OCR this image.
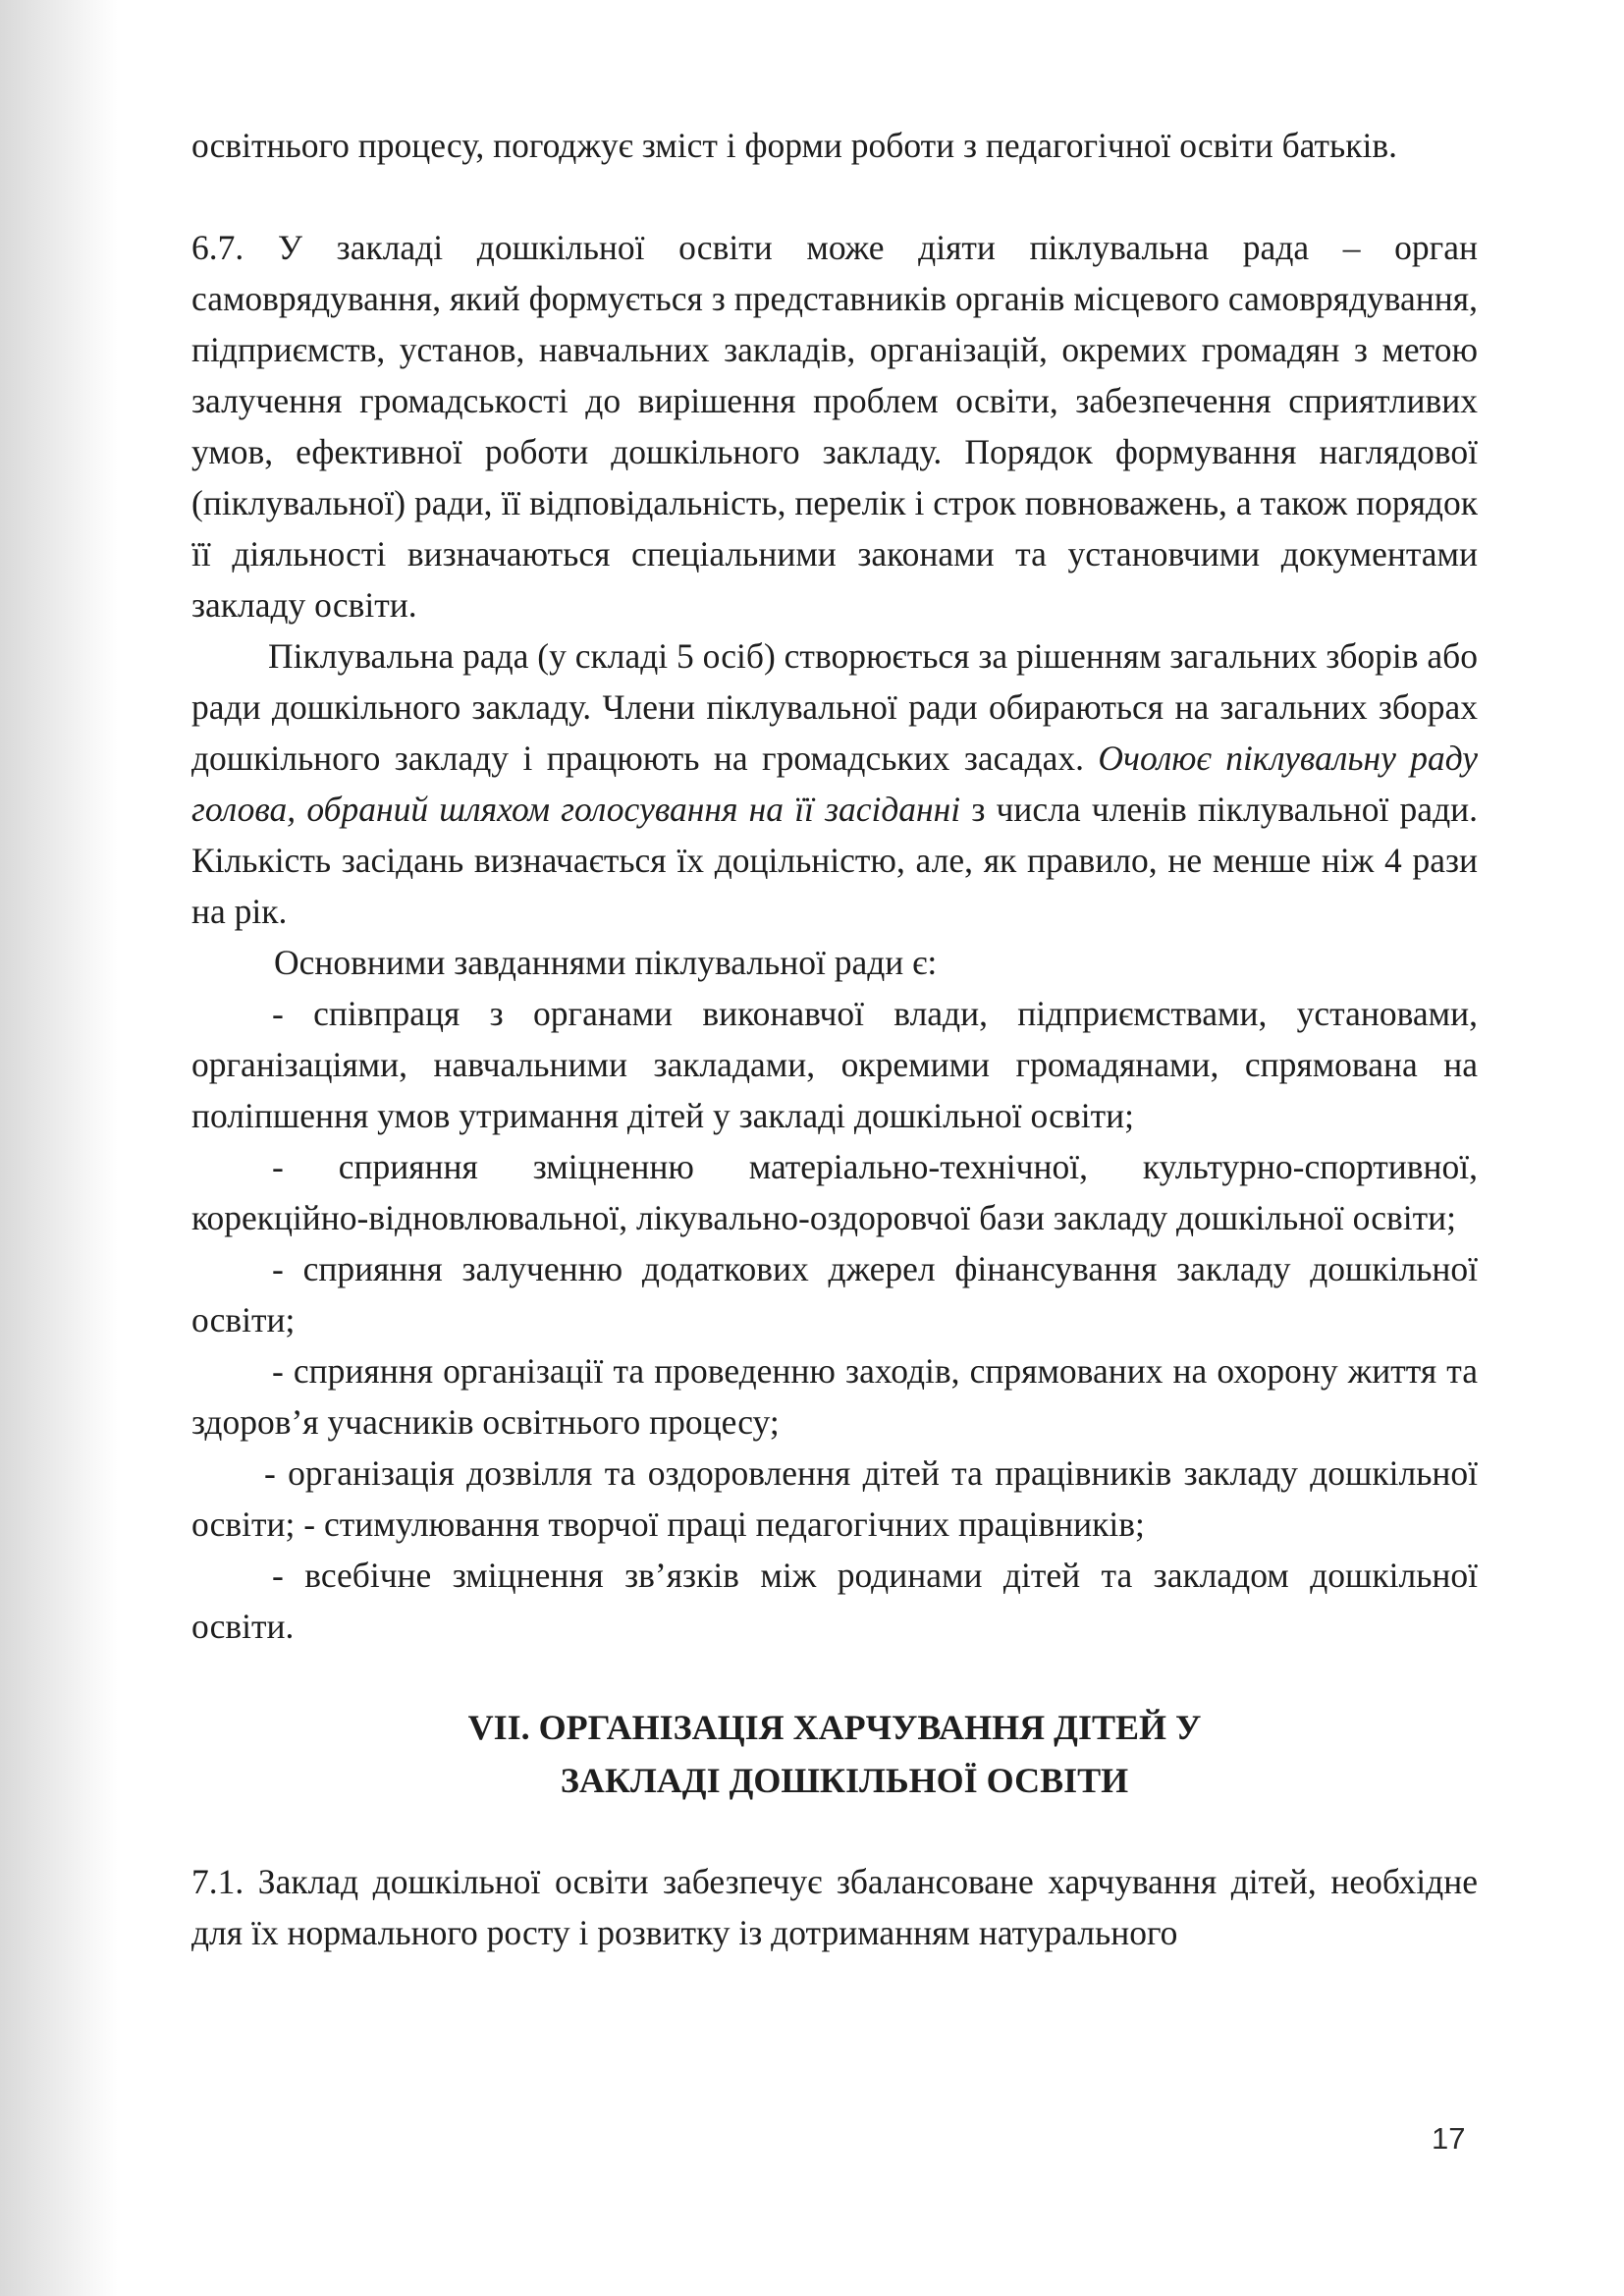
освітнього процесу, погоджує зміст і форми роботи з педагогічної освіти батьків.

6.7. У закладі дошкільної освіти може діяти піклувальна рада – орган самоврядування, який формується з представників органів місцевого самоврядування, підприємств, установ, навчальних закладів, організацій, окремих громадян з метою залучення громадськості до вирішення проблем освіти, забезпечення сприятливих умов, ефективної роботи дошкільного закладу. Порядок формування наглядової (піклувальної) ради, її відповідальність, перелік і строк повноважень, а також порядок її діяльності визначаються спеціальними законами та установчими документами закладу освіти.

Піклувальна рада (у складі 5 осіб) створюється за рішенням загальних зборів або ради дошкільного закладу. Члени піклувальної ради обираються на загальних зборах дошкільного закладу і працюють на громадських засадах. Очолює піклувальну раду голова, обраний шляхом голосування на її засіданні з числа членів піклувальної ради. Кількість засідань визначається їх доцільністю, але, як правило, не менше ніж 4 рази на рік.

Основними завданнями піклувальної ради є:

- співпраця з органами виконавчої влади, підприємствами, установами, організаціями, навчальними закладами, окремими громадянами, спрямована на поліпшення умов утримання дітей у закладі дошкільної освіти;

- сприяння зміцненню матеріально-технічної, культурно-спортивної, корекційно-відновлювальної, лікувально-оздоровчої бази закладу дошкільної освіти;

- сприяння залученню додаткових джерел фінансування закладу дошкільної освіти;

- сприяння організації та проведенню заходів, спрямованих на охорону життя та здоров’я учасників освітнього процесу;

- організація дозвілля та оздоровлення дітей та працівників закладу дошкільної освіти; - стимулювання творчої праці педагогічних працівників;

- всебічне зміцнення зв’язків між родинами дітей та закладом дошкільної освіти.

VII. ОРГАНІЗАЦІЯ ХАРЧУВАННЯ ДІТЕЙ У
ЗАКЛАДІ ДОШКІЛЬНОЇ ОСВІТИ

7.1. Заклад дошкільної освіти забезпечує збалансоване харчування дітей, необхідне для їх нормального росту і розвитку із дотриманням натурального

17
